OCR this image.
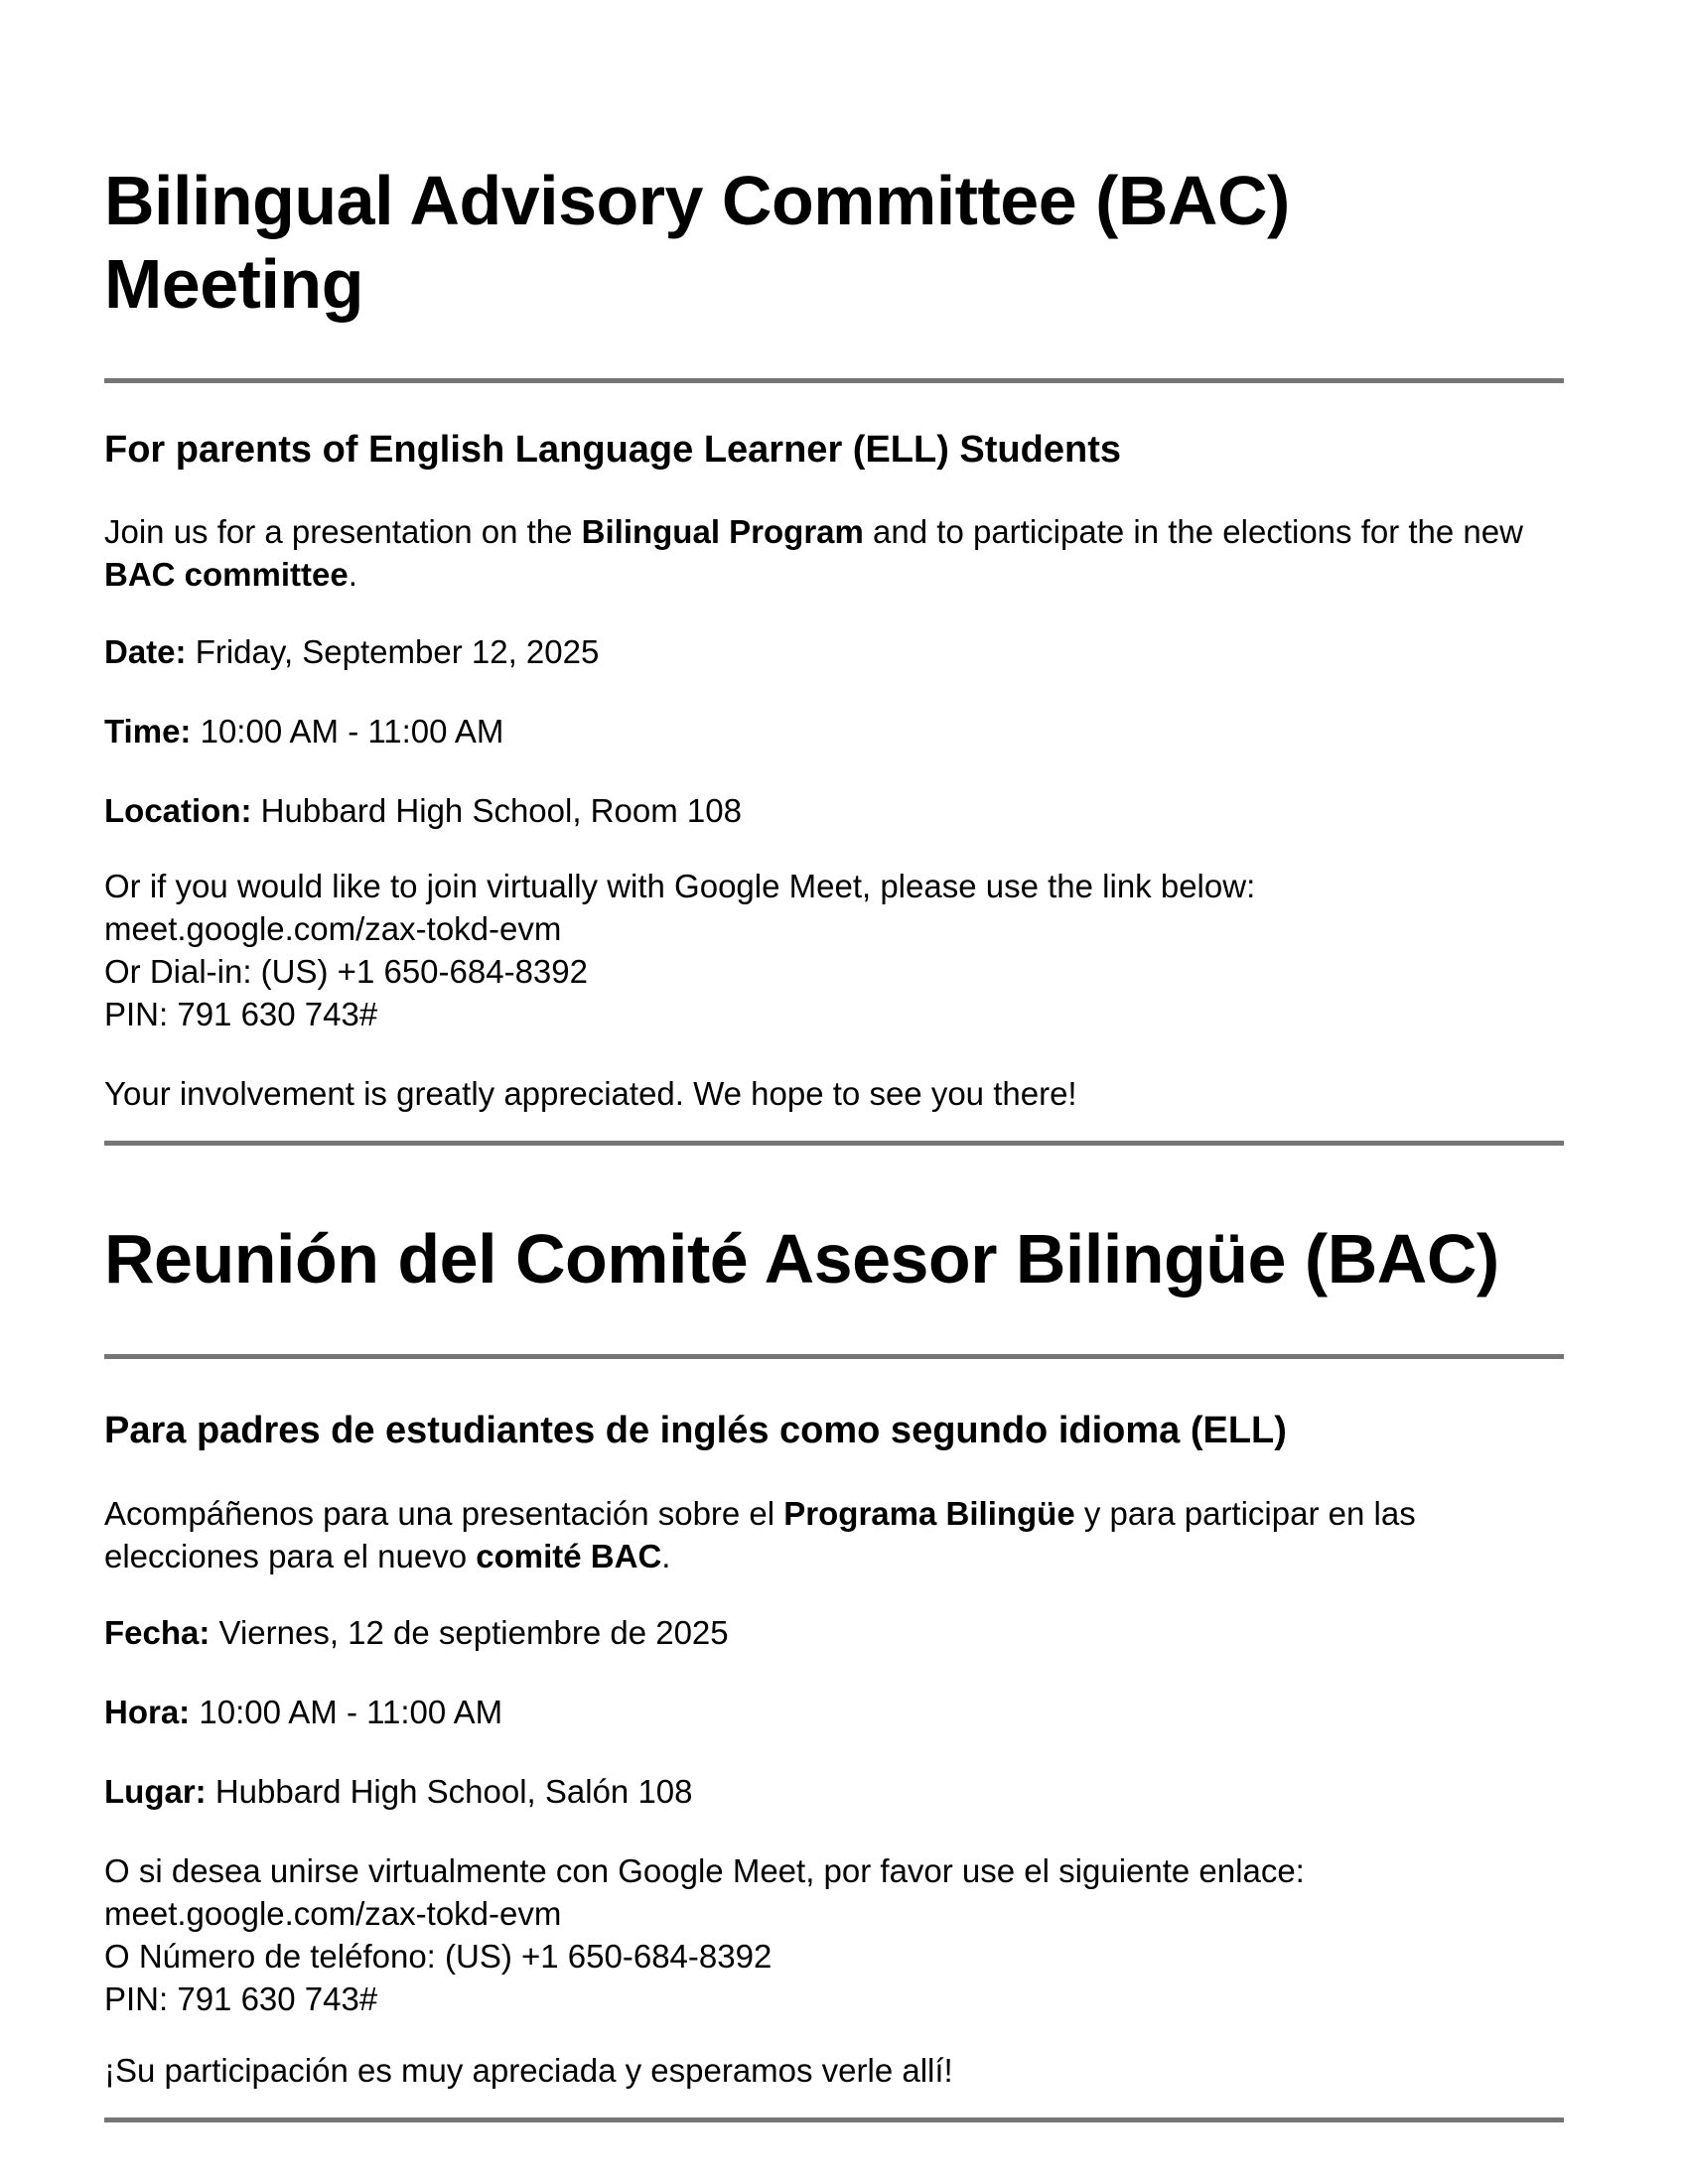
Bilingual Advisory Committee (BAC) Meeting
For parents of English Language Learner (ELL) Students

Join us for a presentation on the Bilingual Program and to participate in the elections for the new BAC committee.

Date: Friday, September 12, 2025

Time: 10:00 AM - 11:00 AM

Location: Hubbard High School, Room 108

Or if you would like to join virtually with Google Meet, please use the link below:
meet.google.com/zax-tokd-evm
Or Dial-in: (US) +1 650-684-8392
PIN: 791 630 743#

Your involvement is greatly appreciated. We hope to see you there!

Reunión del Comité Asesor Bilingüe (BAC)
Para padres de estudiantes de inglés como segundo idioma (ELL)

Acompáñenos para una presentación sobre el Programa Bilingüe y para participar en las elecciones para el nuevo comité BAC.

Fecha: Viernes, 12 de septiembre de 2025

Hora: 10:00 AM - 11:00 AM

Lugar: Hubbard High School, Salón 108

O si desea unirse virtualmente con Google Meet, por favor use el siguiente enlace:
meet.google.com/zax-tokd-evm
O Número de teléfono: (US) +1 650-684-8392
PIN: 791 630 743#

¡Su participación es muy apreciada y esperamos verle allí!
